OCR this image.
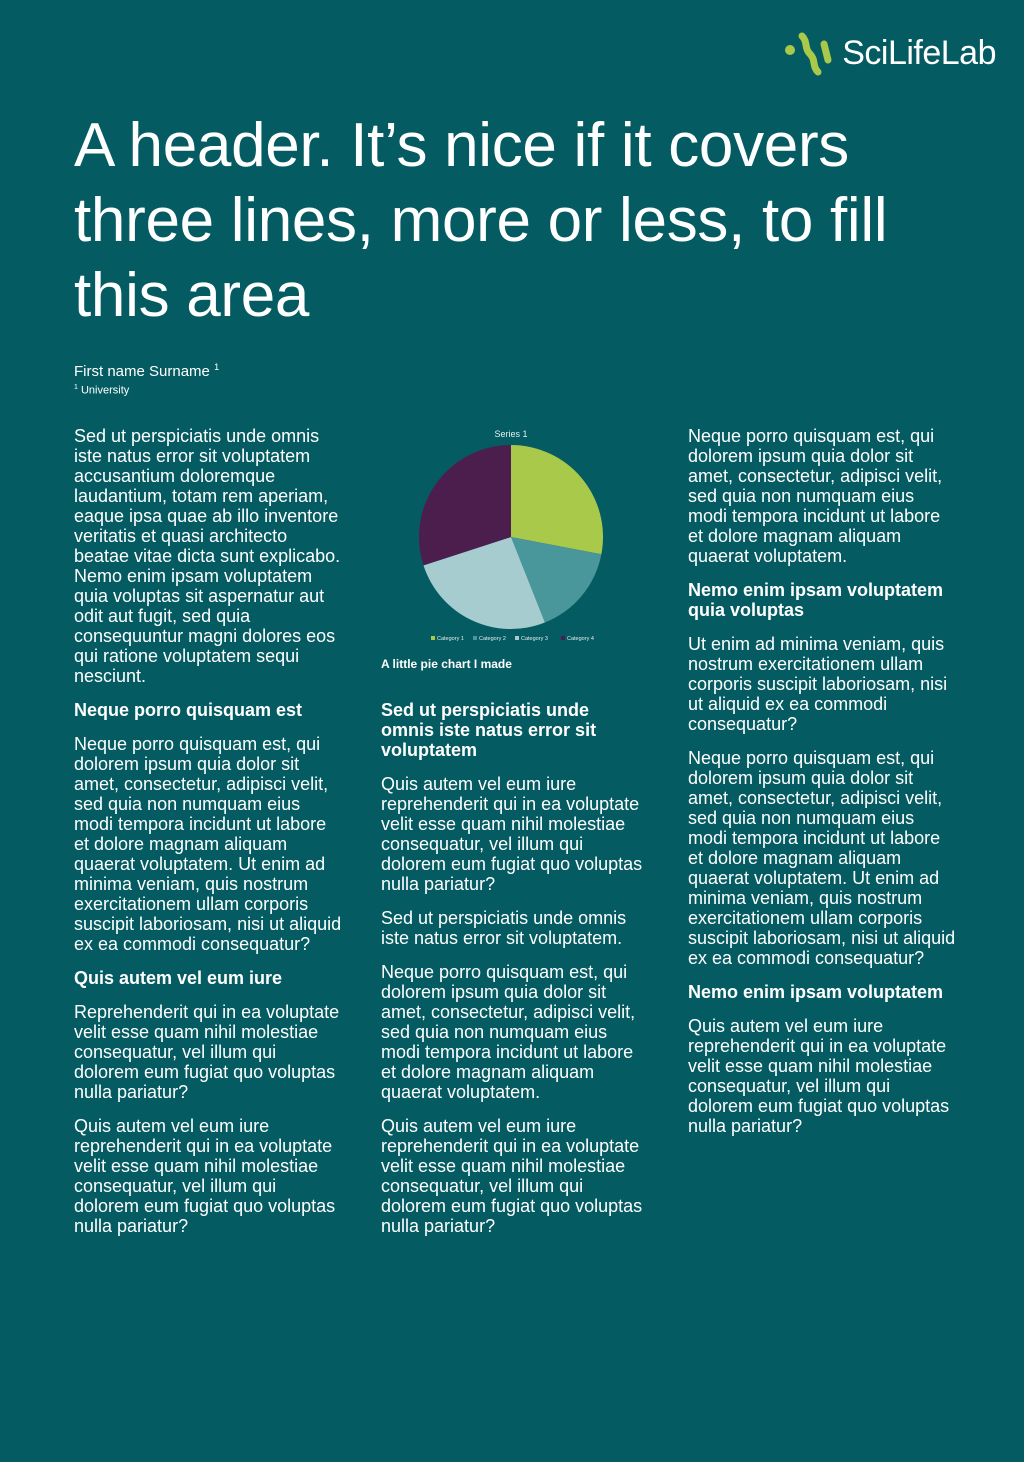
SciLifeLab
A header. It’s nice if it covers three lines, more or less, to fill this area
First name Surname $^1$
$^1$ University

Sed ut perspiciatis unde omnis iste natus error sit voluptatem accusantium doloremque laudantium, totam rem aperiam, eaque ipsa quae ab illo inventore veritatis et quasi architecto beatae vitae dicta sunt explicabo. Nemo enim ipsam voluptatem quia voluptas sit aspernatur aut odit aut fugit, sed quia consequuntur magni dolores eos qui ratione voluptatem sequi nesciunt.

Neque porro quisquam est

Neque porro quisquam est, qui dolorem ipsum quia dolor sit amet, consectetur, adipisci velit, sed quia non numquam eius modi tempora incidunt ut labore et dolore magnam aliquam quaerat voluptatem. Ut enim ad minima veniam, quis nostrum exercitationem ullam corporis suscipit laboriosam, nisi ut aliquid ex ea commodi consequatur?

Quis autem vel eum iure

Reprehenderit qui in ea voluptate velit esse quam nihil molestiae consequatur, vel illum qui dolorem eum fugiat quo voluptas nulla pariatur?

Quis autem vel eum iure reprehenderit qui in ea voluptate velit esse quam nihil molestiae consequatur, vel illum qui dolorem eum fugiat quo voluptas nulla pariatur?

Series 1
Category 1	Category 2	Category 3	Category 4
A little pie chart I made
Sed ut perspiciatis unde omnis iste natus error sit voluptatem

Quis autem vel eum iure reprehenderit qui in ea voluptate velit esse quam nihil molestiae consequatur, vel illum qui dolorem eum fugiat quo voluptas nulla pariatur?

Sed ut perspiciatis unde omnis iste natus error sit voluptatem.

Neque porro quisquam est, qui dolorem ipsum quia dolor sit amet, consectetur, adipisci velit, sed quia non numquam eius modi tempora incidunt ut labore et dolore magnam aliquam quaerat voluptatem.

Quis autem vel eum iure reprehenderit qui in ea voluptate velit esse quam nihil molestiae consequatur, vel illum qui dolorem eum fugiat quo voluptas nulla pariatur?

Neque porro quisquam est, qui dolorem ipsum quia dolor sit amet, consectetur, adipisci velit, sed quia non numquam eius modi tempora incidunt ut labore et dolore magnam aliquam quaerat voluptatem.

Nemo enim ipsam voluptatem quia voluptas

Ut enim ad minima veniam, quis nostrum exercitationem ullam corporis suscipit laboriosam, nisi ut aliquid ex ea commodi consequatur?

Neque porro quisquam est, qui dolorem ipsum quia dolor sit amet, consectetur, adipisci velit, sed quia non numquam eius modi tempora incidunt ut labore et dolore magnam aliquam quaerat voluptatem. Ut enim ad minima veniam, quis nostrum exercitationem ullam corporis suscipit laboriosam, nisi ut aliquid ex ea commodi consequatur?

Nemo enim ipsam voluptatem

Quis autem vel eum iure reprehenderit qui in ea voluptate velit esse quam nihil molestiae consequatur, vel illum qui dolorem eum fugiat quo voluptas nulla pariatur?
